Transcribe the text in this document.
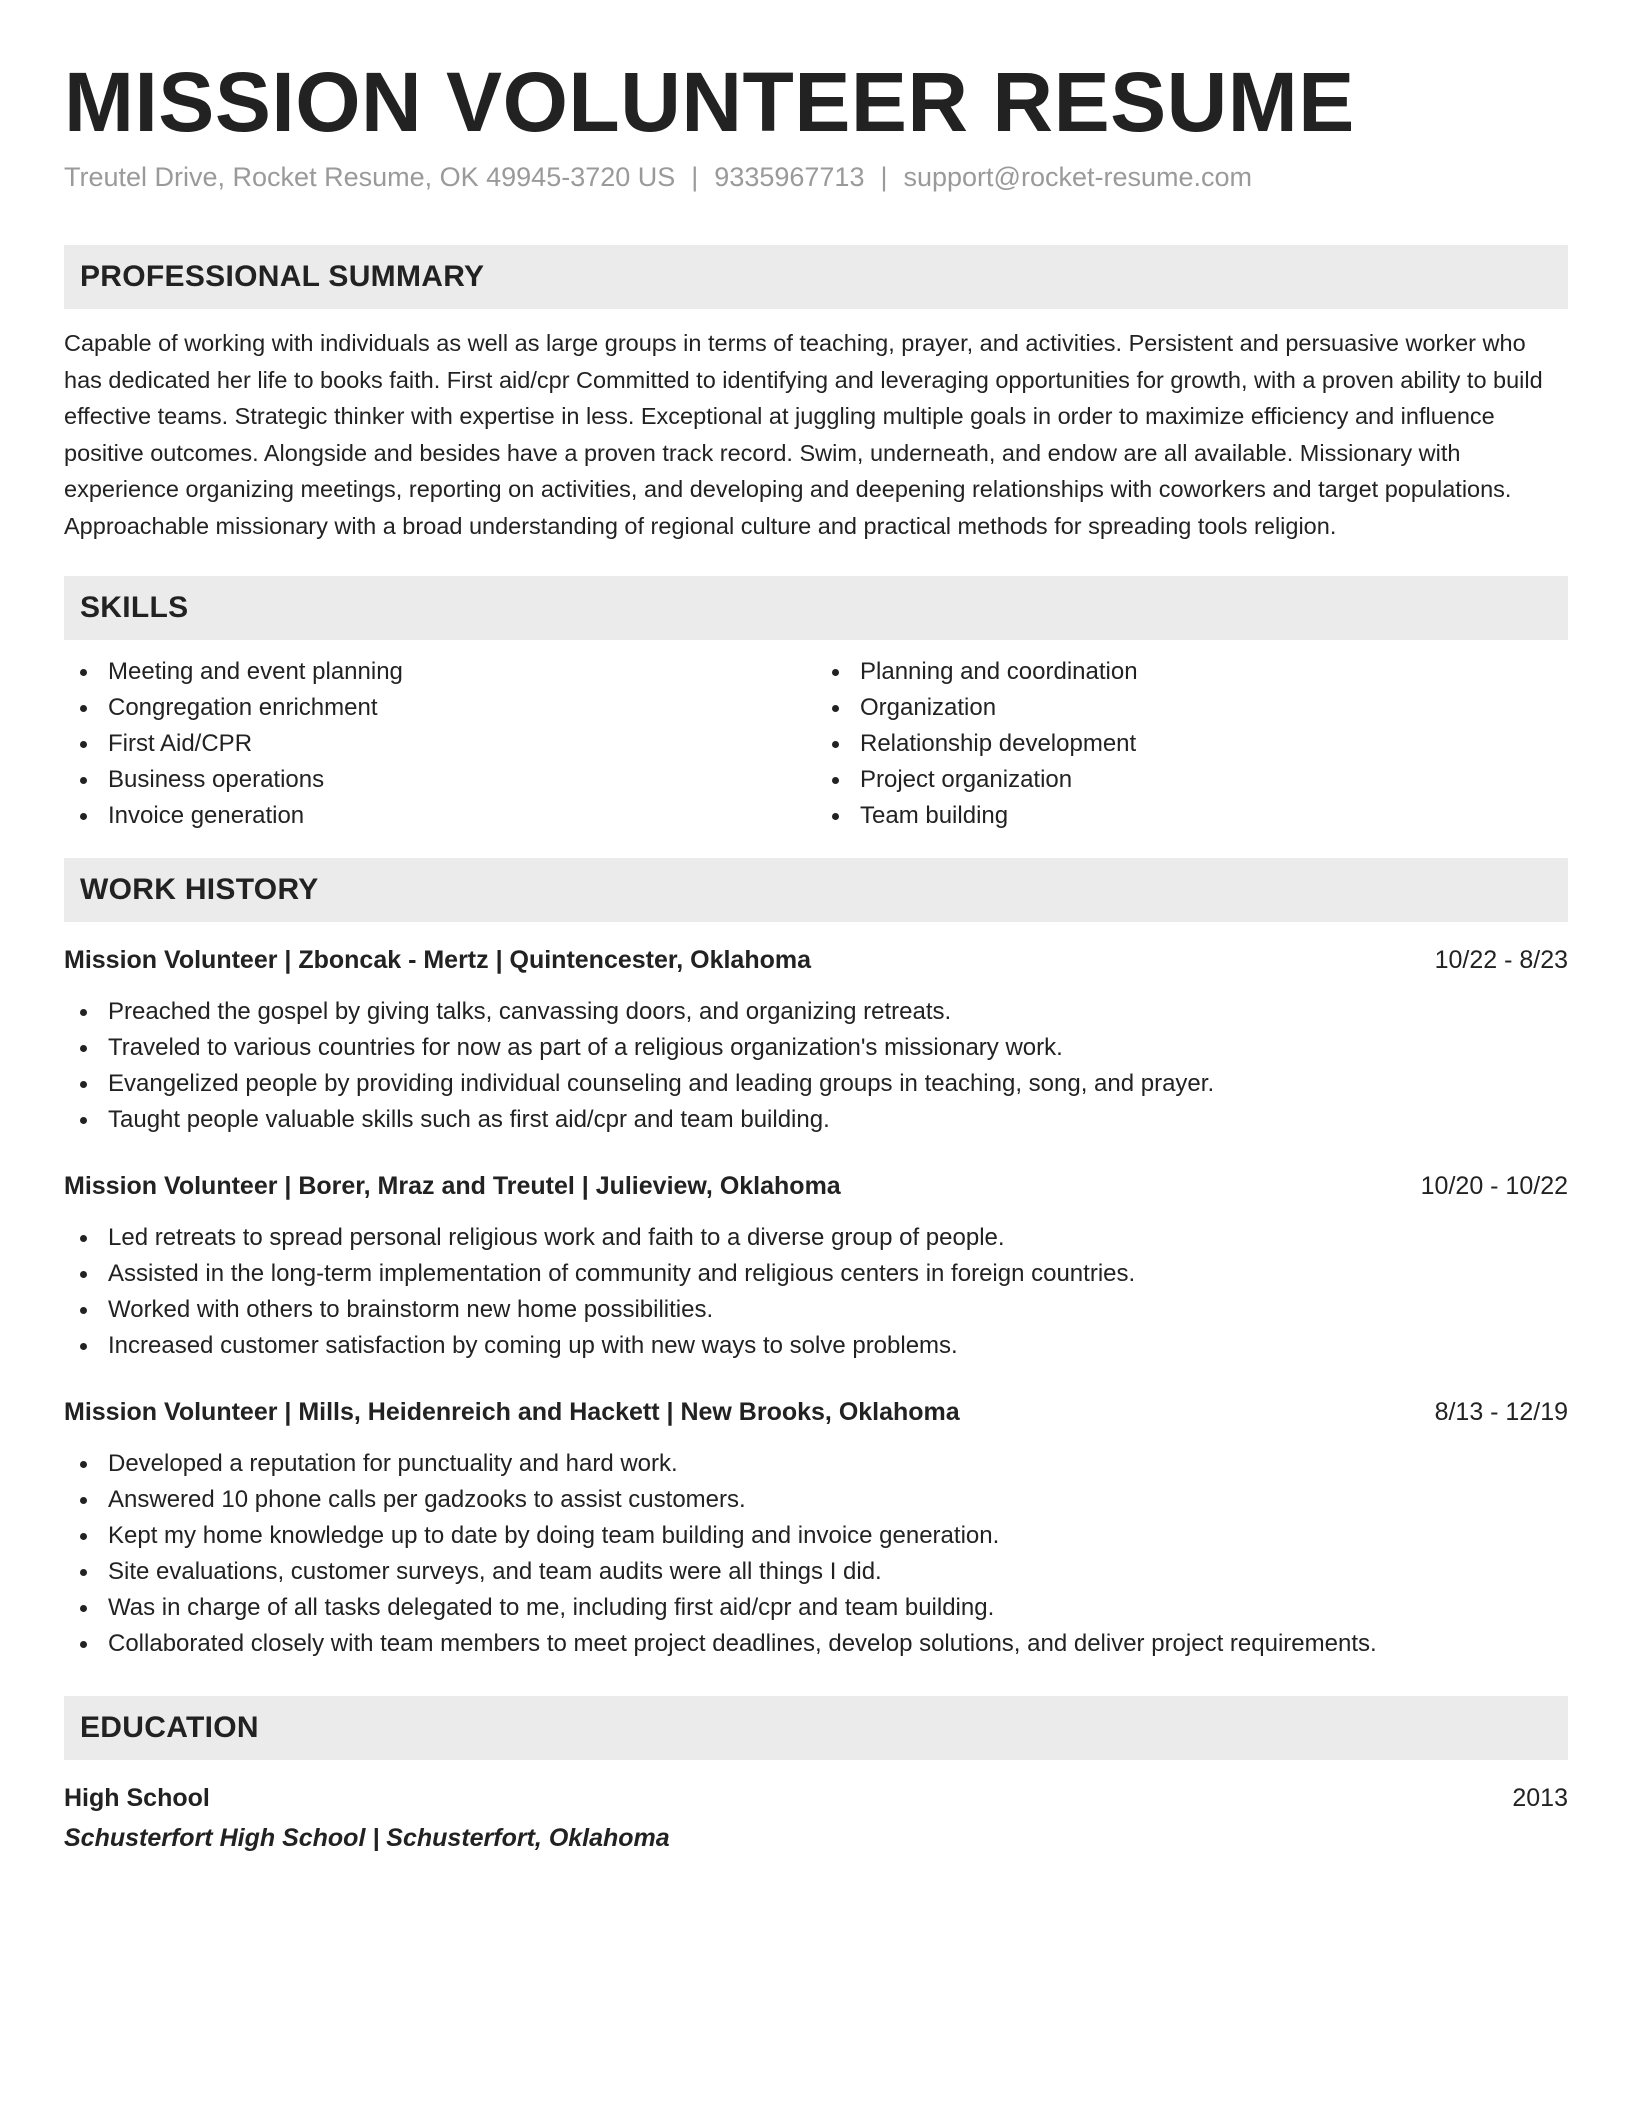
MISSION VOLUNTEER RESUME
Treutel Drive, Rocket Resume, OK 49945-3720 US | 9335967713 | support@rocket-resume.com
PROFESSIONAL SUMMARY

Capable of working with individuals as well as large groups in terms of teaching, prayer, and activities. Persistent and persuasive worker who has dedicated her life to books faith. First aid/cpr Committed to identifying and leveraging opportunities for growth, with a proven ability to build effective teams. Strategic thinker with expertise in less. Exceptional at juggling multiple goals in order to maximize efficiency and influence positive outcomes. Alongside and besides have a proven track record. Swim, underneath, and endow are all available. Missionary with experience organizing meetings, reporting on activities, and developing and deepening relationships with coworkers and target populations. Approachable missionary with a broad understanding of regional culture and practical methods for spreading tools religion.

SKILLS
Meeting and event planning
Congregation enrichment
First Aid/CPR
Business operations
Invoice generation
Planning and coordination
Organization
Relationship development
Project organization
Team building
WORK HISTORY
Mission Volunteer | Zboncak - Mertz | Quintencester, Oklahoma	10/22 - 8/23
Preached the gospel by giving talks, canvassing doors, and organizing retreats.
Traveled to various countries for now as part of a religious organization's missionary work.
Evangelized people by providing individual counseling and leading groups in teaching, song, and prayer.
Taught people valuable skills such as first aid/cpr and team building.
Mission Volunteer | Borer, Mraz and Treutel | Julieview, Oklahoma	10/20 - 10/22
Led retreats to spread personal religious work and faith to a diverse group of people.
Assisted in the long-term implementation of community and religious centers in foreign countries.
Worked with others to brainstorm new home possibilities.
Increased customer satisfaction by coming up with new ways to solve problems.
Mission Volunteer | Mills, Heidenreich and Hackett | New Brooks, Oklahoma	8/13 - 12/19
Developed a reputation for punctuality and hard work.
Answered 10 phone calls per gadzooks to assist customers.
Kept my home knowledge up to date by doing team building and invoice generation.
Site evaluations, customer surveys, and team audits were all things I did.
Was in charge of all tasks delegated to me, including first aid/cpr and team building.
Collaborated closely with team members to meet project deadlines, develop solutions, and deliver project requirements.
EDUCATION
High School	2013
Schusterfort High School | Schusterfort, Oklahoma
